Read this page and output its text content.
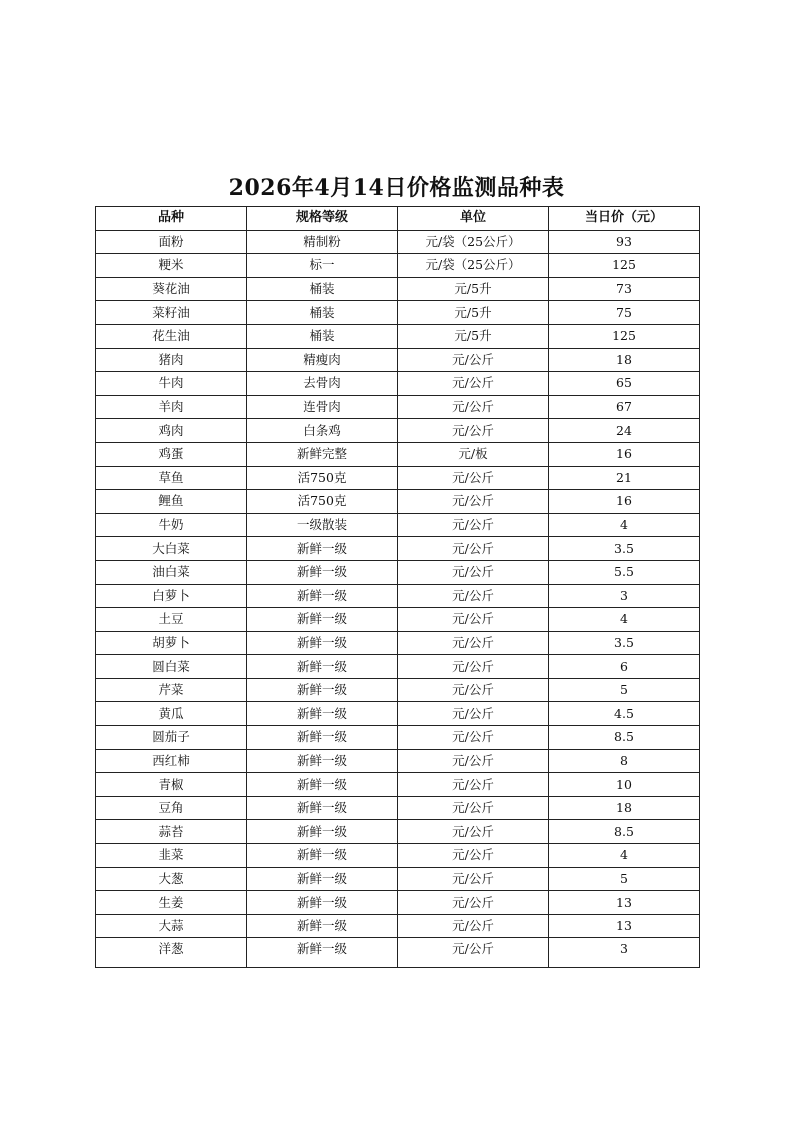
2026年4月14日价格监测品种表
品种	规格等级	单位	当日价（元）
面粉	精制粉	元/袋（25公斤）	93
粳米	标一	元/袋（25公斤）	125
葵花油	桶装	元/5升	73
菜籽油	桶装	元/5升	75
花生油	桶装	元/5升	125
猪肉	精瘦肉	元/公斤	18
牛肉	去骨肉	元/公斤	65
羊肉	连骨肉	元/公斤	67
鸡肉	白条鸡	元/公斤	24
鸡蛋	新鲜完整	元/板	16
草鱼	活750克	元/公斤	21
鲤鱼	活750克	元/公斤	16
牛奶	一级散装	元/公斤	4
大白菜	新鲜一级	元/公斤	3.5
油白菜	新鲜一级	元/公斤	5.5
白萝卜	新鲜一级	元/公斤	3
土豆	新鲜一级	元/公斤	4
胡萝卜	新鲜一级	元/公斤	3.5
圆白菜	新鲜一级	元/公斤	6
芹菜	新鲜一级	元/公斤	5
黄瓜	新鲜一级	元/公斤	4.5
圆茄子	新鲜一级	元/公斤	8.5
西红柿	新鲜一级	元/公斤	8
青椒	新鲜一级	元/公斤	10
豆角	新鲜一级	元/公斤	18
蒜苔	新鲜一级	元/公斤	8.5
韭菜	新鲜一级	元/公斤	4
大葱	新鲜一级	元/公斤	5
生姜	新鲜一级	元/公斤	13
大蒜	新鲜一级	元/公斤	13
洋葱	新鲜一级	元/公斤	3
